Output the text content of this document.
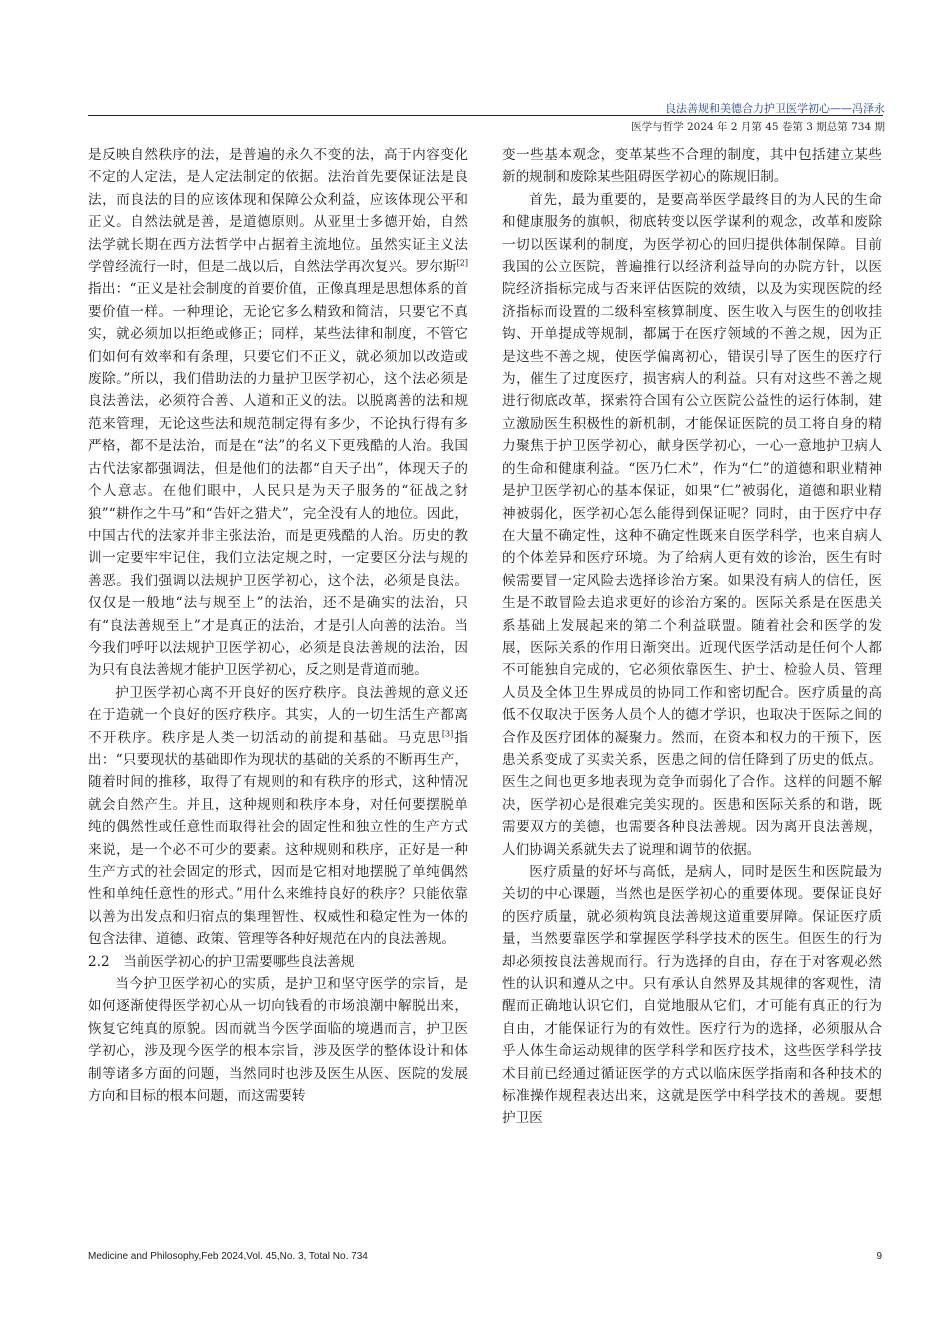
良法善规和美德合力护卫医学初心——冯泽永
医学与哲学 2024 年 2 月第 45 卷第 3 期总第 734 期

是反映自然秩序的法，是普遍的永久不变的法，高于内容变化不定的人定法，是人定法制定的依据。法治首先要保证法是良法，而良法的目的应该体现和保障公众利益，应该体现公平和正义。自然法就是善，是道德原则。从亚里士多德开始，自然法学就长期在西方法哲学中占据着主流地位。虽然实证主义法学曾经流行一时，但是二战以后，自然法学再次复兴。罗尔斯[2]指出：“正义是社会制度的首要价值，正像真理是思想体系的首要价值一样。一种理论，无论它多么精致和简洁，只要它不真实，就必须加以拒绝或修正；同样，某些法律和制度，不管它们如何有效率和有条理，只要它们不正义，就必须加以改造或废除。”所以，我们借助法的力量护卫医学初心，这个法必须是良法善法，必须符合善、人道和正义的法。以脱离善的法和规范来管理，无论这些法和规范制定得有多少，不论执行得有多严格，都不是法治，而是在“法”的名义下更残酷的人治。我国古代法家都强调法，但是他们的法都“自天子出”，体现天子的个人意志。在他们眼中，人民只是为天子服务的“征战之豺狼”“耕作之牛马”和“告奸之猎犬”，完全没有人的地位。因此，中国古代的法家并非主张法治，而是更残酷的人治。历史的教训一定要牢牢记住，我们立法定规之时，一定要区分法与规的善恶。我们强调以法规护卫医学初心，这个法，必须是良法。仅仅是一般地“法与规至上”的法治，还不是确实的法治，只有“良法善规至上”才是真正的法治，才是引人向善的法治。当今我们呼吁以法规护卫医学初心，必须是良法善规的法治，因为只有良法善规才能护卫医学初心，反之则是背道而驰。

护卫医学初心离不开良好的医疗秩序。良法善规的意义还在于造就一个良好的医疗秩序。其实，人的一切生活生产都离不开秩序。秩序是人类一切活动的前提和基础。马克思[3]指出：“只要现状的基础即作为现状的基础的关系的不断再生产，随着时间的推移，取得了有规则的和有秩序的形式，这种情况就会自然产生。并且，这种规则和秩序本身，对任何要摆脱单纯的偶然性或任意性而取得社会的固定性和独立性的生产方式来说，是一个必不可少的要素。这种规则和秩序，正好是一种生产方式的社会固定的形式，因而是它相对地摆脱了单纯偶然性和单纯任意性的形式。”用什么来维持良好的秩序？只能依靠以善为出发点和归宿点的集理智性、权威性和稳定性为一体的包含法律、道德、政策、管理等各种好规范在内的良法善规。

2.2　当前医学初心的护卫需要哪些良法善规

当今护卫医学初心的实质，是护卫和坚守医学的宗旨，是如何逐渐使得医学初心从一切向钱看的市场浪潮中解脱出来，恢复它纯真的原貌。因而就当今医学面临的境遇而言，护卫医学初心，涉及现今医学的根本宗旨，涉及医学的整体设计和体制等诸多方面的问题，当然同时也涉及医生从医、医院的发展方向和目标的根本问题，而这需要转

变一些基本观念，变革某些不合理的制度，其中包括建立某些新的规制和废除某些阻碍医学初心的陈规旧制。

首先，最为重要的，是要高举医学最终目的为人民的生命和健康服务的旗帜，彻底转变以医学谋利的观念，改革和废除一切以医谋利的制度，为医学初心的回归提供体制保障。目前我国的公立医院，普遍推行以经济利益导向的办院方针，以医院经济指标完成与否来评估医院的效绩，以及为实现医院的经济指标而设置的二级科室核算制度、医生收入与医生的创收挂钩、开单提成等规制，都属于在医疗领域的不善之规，因为正是这些不善之规，使医学偏离初心，错误引导了医生的医疗行为，催生了过度医疗，损害病人的利益。只有对这些不善之规进行彻底改革，探索符合国有公立医院公益性的运行体制，建立激励医生积极性的新机制，才能保证医院的员工将自身的精力聚焦于护卫医学初心，献身医学初心，一心一意地护卫病人的生命和健康利益。“医乃仁术”，作为“仁”的道德和职业精神是护卫医学初心的基本保证，如果“仁”被弱化，道德和职业精神被弱化，医学初心怎么能得到保证呢？同时，由于医疗中存在大量不确定性，这种不确定性既来自医学科学，也来自病人的个体差异和医疗环境。为了给病人更有效的诊治，医生有时候需要冒一定风险去选择诊治方案。如果没有病人的信任，医生是不敢冒险去追求更好的诊治方案的。医际关系是在医患关系基础上发展起来的第二个利益联盟。随着社会和医学的发展，医际关系的作用日渐突出。近现代医学活动是任何个人都不可能独自完成的，它必须依靠医生、护士、检验人员、管理人员及全体卫生界成员的协同工作和密切配合。医疗质量的高低不仅取决于医务人员个人的德才学识，也取决于医际之间的合作及医疗团体的凝聚力。然而，在资本和权力的干预下，医患关系变成了买卖关系，医患之间的信任降到了历史的低点。医生之间也更多地表现为竞争而弱化了合作。这样的问题不解决，医学初心是很难完美实现的。医患和医际关系的和谐，既需要双方的美德，也需要各种良法善规。因为离开良法善规，人们协调关系就失去了说理和调节的依据。

医疗质量的好坏与高低，是病人，同时是医生和医院最为关切的中心课题，当然也是医学初心的重要体现。要保证良好的医疗质量，就必须构筑良法善规这道重要屏障。保证医疗质量，当然要靠医学和掌握医学科学技术的医生。但医生的行为却必须按良法善规而行。行为选择的自由，存在于对客观必然性的认识和遵从之中。只有承认自然界及其规律的客观性，清醒而正确地认识它们，自觉地服从它们，才可能有真正的行为自由，才能保证行为的有效性。医疗行为的选择，必须服从合乎人体生命运动规律的医学科学和医疗技术，这些医学科学技术目前已经通过循证医学的方式以临床医学指南和各种技术的标准操作规程表达出来，这就是医学中科学技术的善规。要想护卫医

Medicine and Philosophy,Feb 2024,Vol. 45,No. 3, Total No. 734	9
